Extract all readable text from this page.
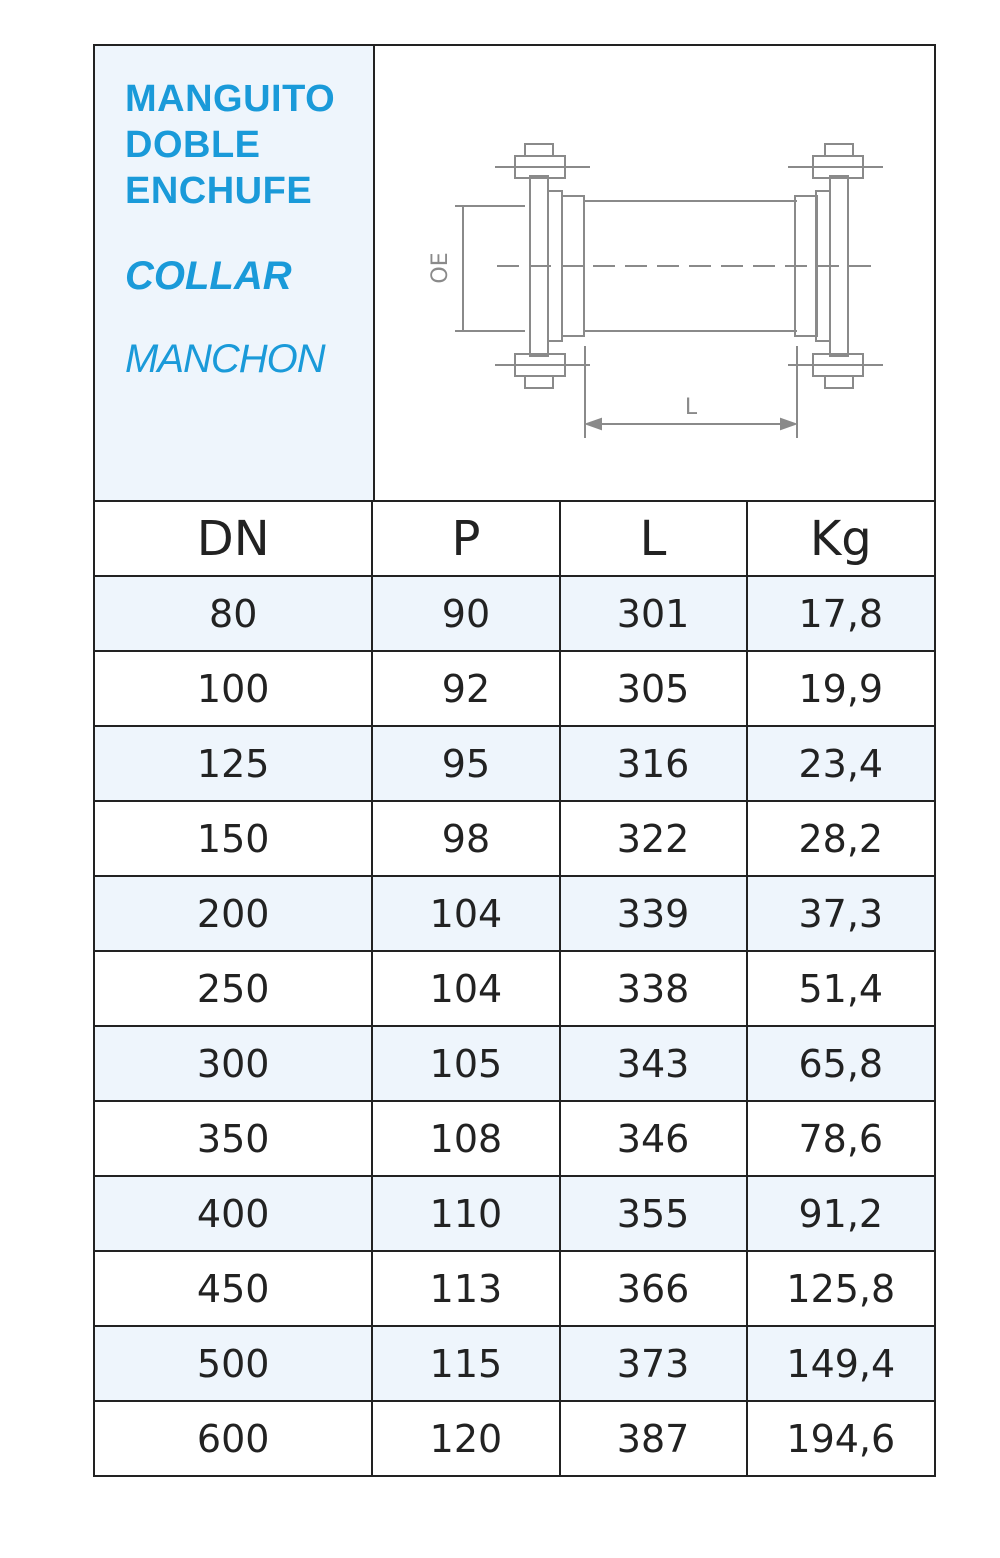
MANGUITO
DOBLE
ENCHUFE
COLLAR
MANCHON
OE
L
DN	P	L	Kg
80	90	301	17,8
100	92	305	19,9
125	95	316	23,4
150	98	322	28,2
200	104	339	37,3
250	104	338	51,4
300	105	343	65,8
350	108	346	78,6
400	110	355	91,2
450	113	366	125,8
500	115	373	149,4
600	120	387	194,6
